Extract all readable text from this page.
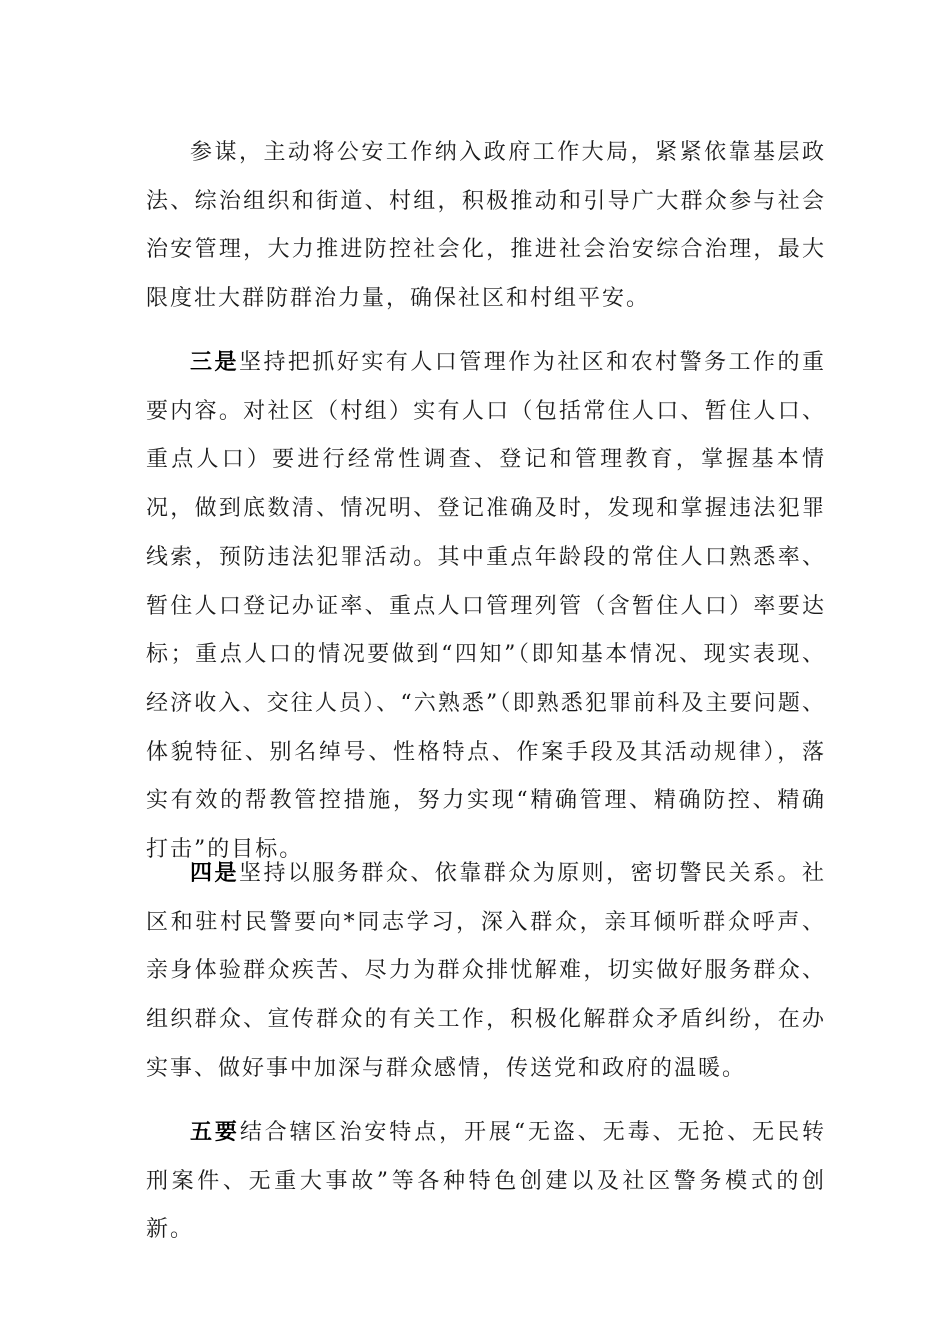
参谋，主动将公安工作纳入政府工作大局，紧紧依靠基层政法、综治组织和街道、村组，积极推动和引导广大群众参与社会治安管理，大力推进防控社会化，推进社会治安综合治理，最大限度壮大群防群治力量，确保社区和村组平安。

三是坚持把抓好实有人口管理作为社区和农村警务工作的重要内容。对社区（村组）实有人口（包括常住人口、暂住人口、重点人口）要进行经常性调查、登记和管理教育，掌握基本情况，做到底数清、情况明、登记准确及时，发现和掌握违法犯罪线索，预防违法犯罪活动。其中重点年龄段的常住人口熟悉率、暂住人口登记办证率、重点人口管理列管（含暂住人口）率要达标；重点人口的情况要做到“四知”（即知基本情况、现实表现、经济收入、交往人员）、“六熟悉”（即熟悉犯罪前科及主要问题、体貌特征、别名绰号、性格特点、作案手段及其活动规律），落实有效的帮教管控措施，努力实现“精确管理、精确防控、精确打击”的目标。

四是坚持以服务群众、依靠群众为原则，密切警民关系。社区和驻村民警要向*同志学习，深入群众，亲耳倾听群众呼声、亲身体验群众疾苦、尽力为群众排忧解难，切实做好服务群众、组织群众、宣传群众的有关工作，积极化解群众矛盾纠纷，在办实事、做好事中加深与群众感情，传送党和政府的温暖。

五要结合辖区治安特点，开展“无盗、无毒、无抢、无民转刑案件、无重大事故”等各种特色创建以及社区警务模式的创新。
